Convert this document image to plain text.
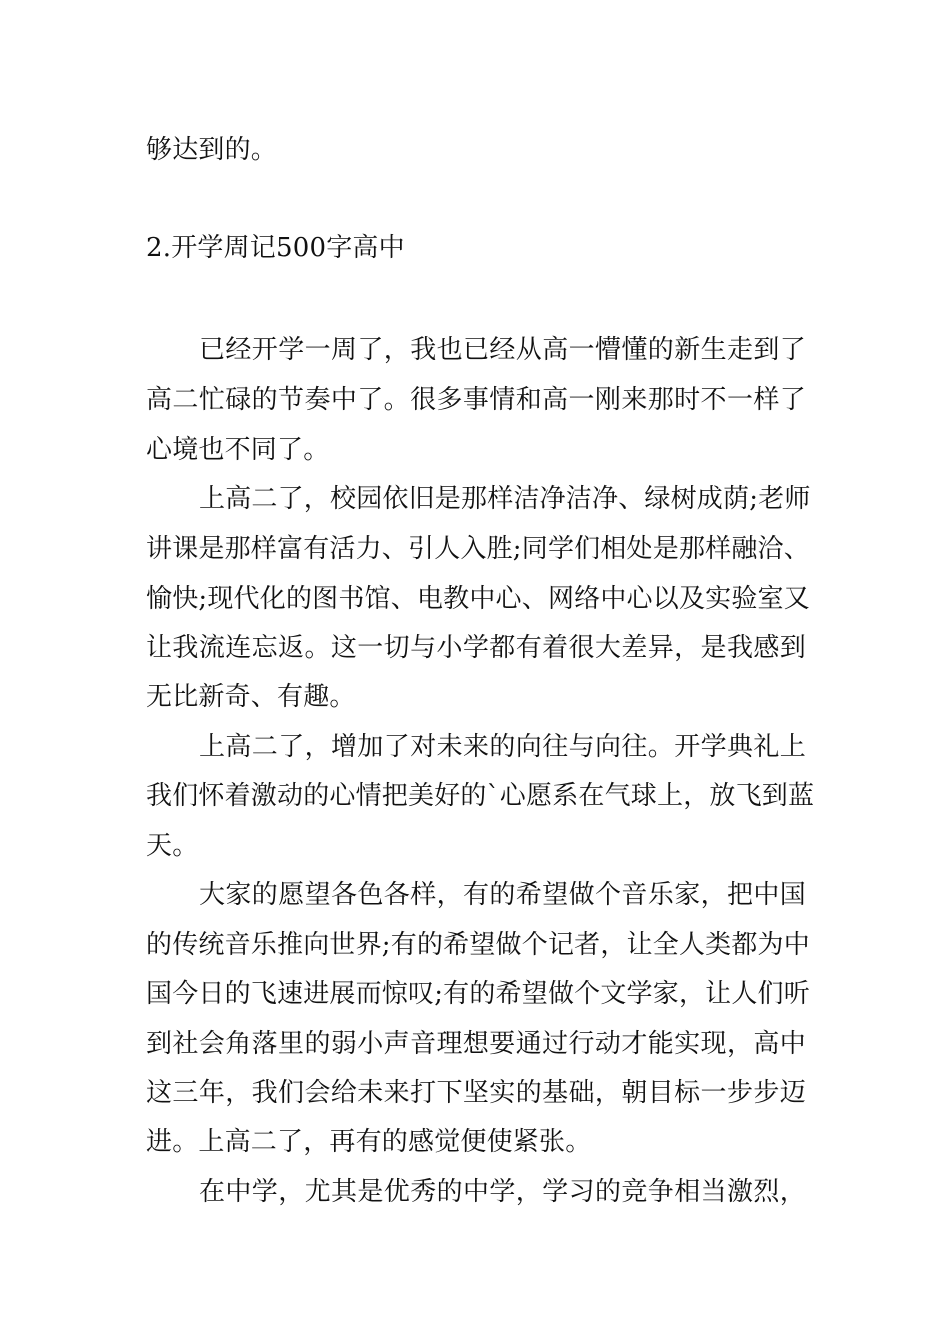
够达到的。
2.开学周记500字高中
已经开学一周了，我也已经从高一懵懂的新生走到了
高二忙碌的节奏中了。很多事情和高一刚来那时不一样了
心境也不同了。
上高二了，校园依旧是那样洁净洁净、绿树成荫;老师
讲课是那样富有活力、引人入胜;同学们相处是那样融洽、
愉快;现代化的图书馆、电教中心、网络中心以及实验室又
让我流连忘返。这一切与小学都有着很大差异，是我感到
无比新奇、有趣。
上高二了，增加了对未来的向往与向往。开学典礼上
我们怀着激动的心情把美好的`心愿系在气球上，放飞到蓝
天。
大家的愿望各色各样，有的希望做个音乐家，把中国
的传统音乐推向世界;有的希望做个记者，让全人类都为中
国今日的飞速进展而惊叹;有的希望做个文学家，让人们听
到社会角落里的弱小声音理想要通过行动才能实现，高中
这三年，我们会给未来打下坚实的基础，朝目标一步步迈
进。上高二了，再有的感觉便使紧张。
在中学，尤其是优秀的中学，学习的竞争相当激烈，
